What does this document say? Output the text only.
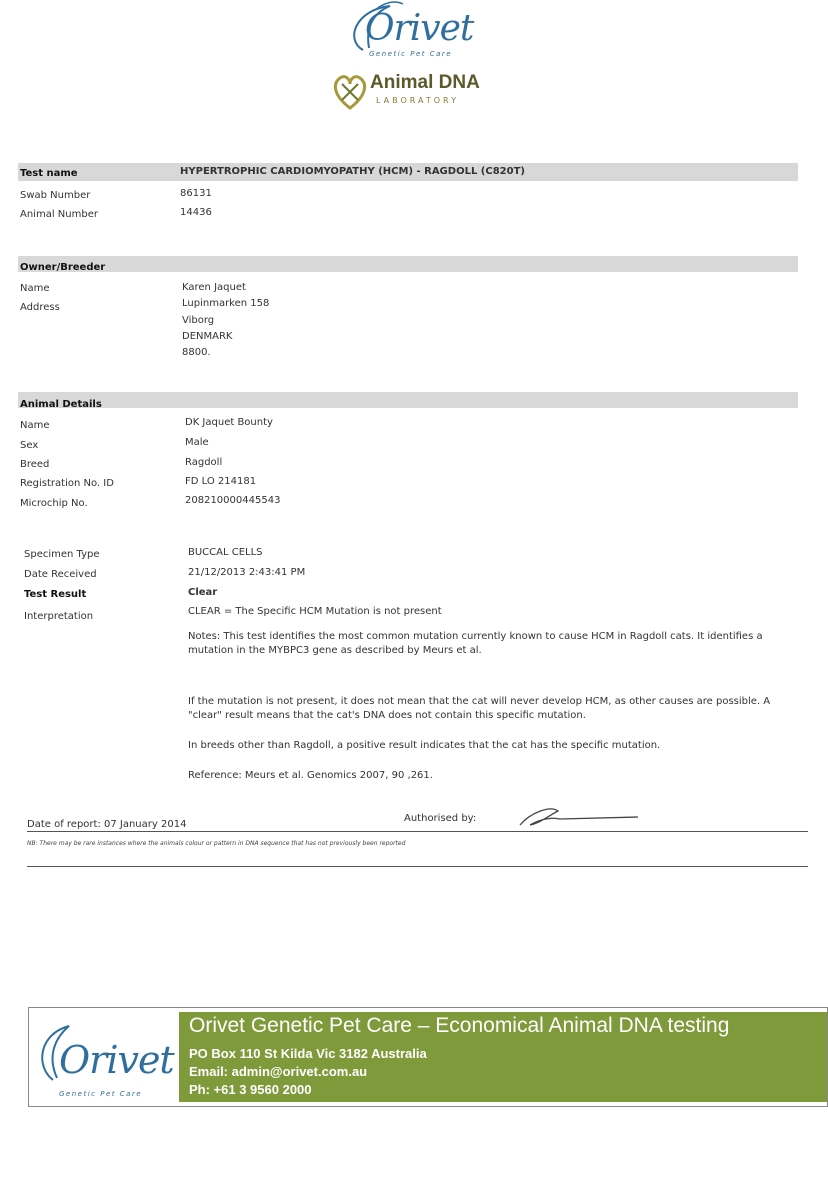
Orivet
Genetic Pet Care
Animal DNA
LABORATORY
Test name	HYPERTROPHIC CARDIOMYOPATHY (HCM) - RAGDOLL (C820T)
Swab Number	86131
Animal Number	14436
Owner/Breeder
Name	Karen Jaquet
Address	Lupinmarken 158
Viborg
DENMARK
8800.
Animal Details
Name	DK Jaquet Bounty
Sex	Male
Breed	Ragdoll
Registration No. ID	FD LO 214181
Microchip No.	208210000445543
Specimen Type	BUCCAL CELLS
Date Received	21/12/2013 2:43:41 PM
Test Result	Clear
Interpretation	CLEAR = The Specific HCM Mutation is not present
Notes: This test identifies the most common mutation currently known to cause HCM in Ragdoll cats. It identifies a mutation in the MYBPC3 gene as described by Meurs et al.
If the mutation is not present, it does not mean that the cat will never develop HCM, as other causes are possible. A "clear" result means that the cat's DNA does not contain this specific mutation.
In breeds other than Ragdoll, a positive result indicates that the cat has the specific mutation.
Reference: Meurs et al. Genomics 2007, 90 ,261.
Date of report: 07 January 2014
Authorised by:
NB: There may be rare instances where the animals colour or pattern in DNA sequence that has not previously been reported
Orivet
Genetic Pet Care
Orivet Genetic Pet Care – Economical Animal DNA testing
PO Box 110 St Kilda Vic 3182 Australia
Email: admin@orivet.com.au
Ph: +61 3 9560 2000
